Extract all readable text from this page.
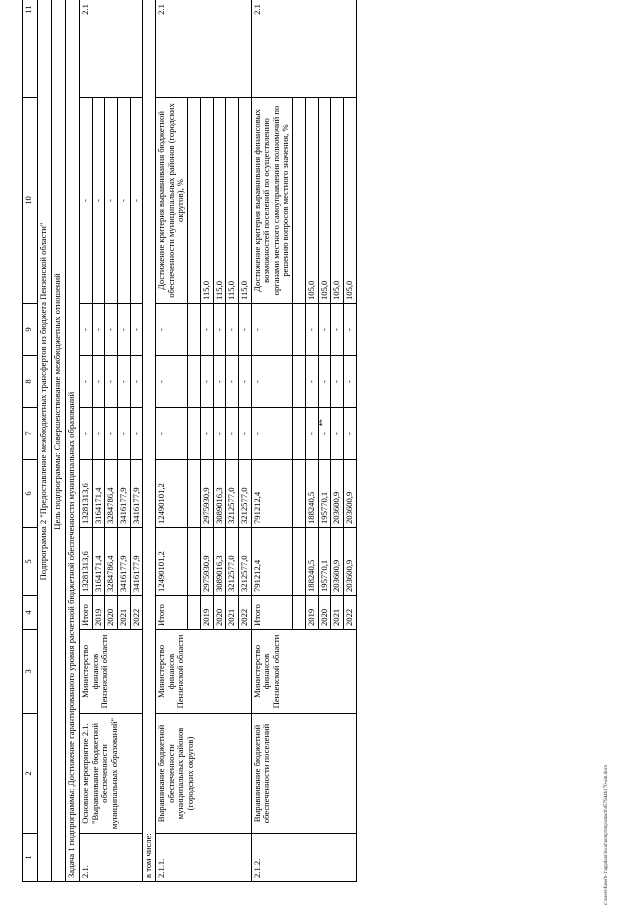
4
c:\users\fuserb-1\appdata\local\temp\tmp\attach\d57944b170-ain.docx
1	2	3	4	5	6	7	8	9	10	11
Подпрограмма 2 "Предоставление межбюджетных трансфертов из бюджета Пензенской области"										
Цель подпрограммы: Совершенствование межбюджетных отношений										
Задача 1 подпрограммы: Достижение гарантированного уровня расчетной бюджетной обеспеченности муниципальных образований										
2.1.	Основное мероприятие 2.1. "Выравнивание бюджетной обеспеченности муниципальных образований"	Министерство финансов Пензенской области	Итого	13281313,6	13281313,6	-	-	-	-	2.1
			2019	3164171,4	3164171,4	-	-	-	-	
			2020	3284786,4	3284786,4	-	-	-	-	
			2021	3416177,9	3416177,9	-	-	-	-	
			2022	3416177,9	3416177,9	-	-	-	-	
в том числе:										
2.1.1.	Выравнивание бюджетной обеспеченности муниципальных районов (городских округов)	Министерство финансов Пензенской области	Итого	12490101,2	12490101,2	-	-	-	Достижение критерия выравнивания бюджетной обеспеченности муниципальных районов (городских округов), %	2.1

			2019	2975930,9	2975930,9	-	-	-	115,0	
			2020	3089016,3	3089016,3	-	-	-	115,0	
			2021	3212577,0	3212577,0	-	-	-	115,0	
			2022	3212577,0	3212577,0	-	-	-	115,0	
2.1.2.	Выравнивание бюджетной обеспеченности поселений	Министерство финансов Пензенской области	Итого	791212,4	791212,4	-	-	-	Достижение критерия выравнивания финансовых возможностей поселений по осуществлению органами местного самоуправления полномочий по решению вопросов местного значения, %	2.1

			2019	188240,5	188240,5	-	-	-	105,0	
			2020	195770,1	195770,1	-	-	-	105,0	
			2021	203600,9	203600,9	-	-	-	105,0	
			2022	203600,9	203600,9	-	-	-	105,0	
